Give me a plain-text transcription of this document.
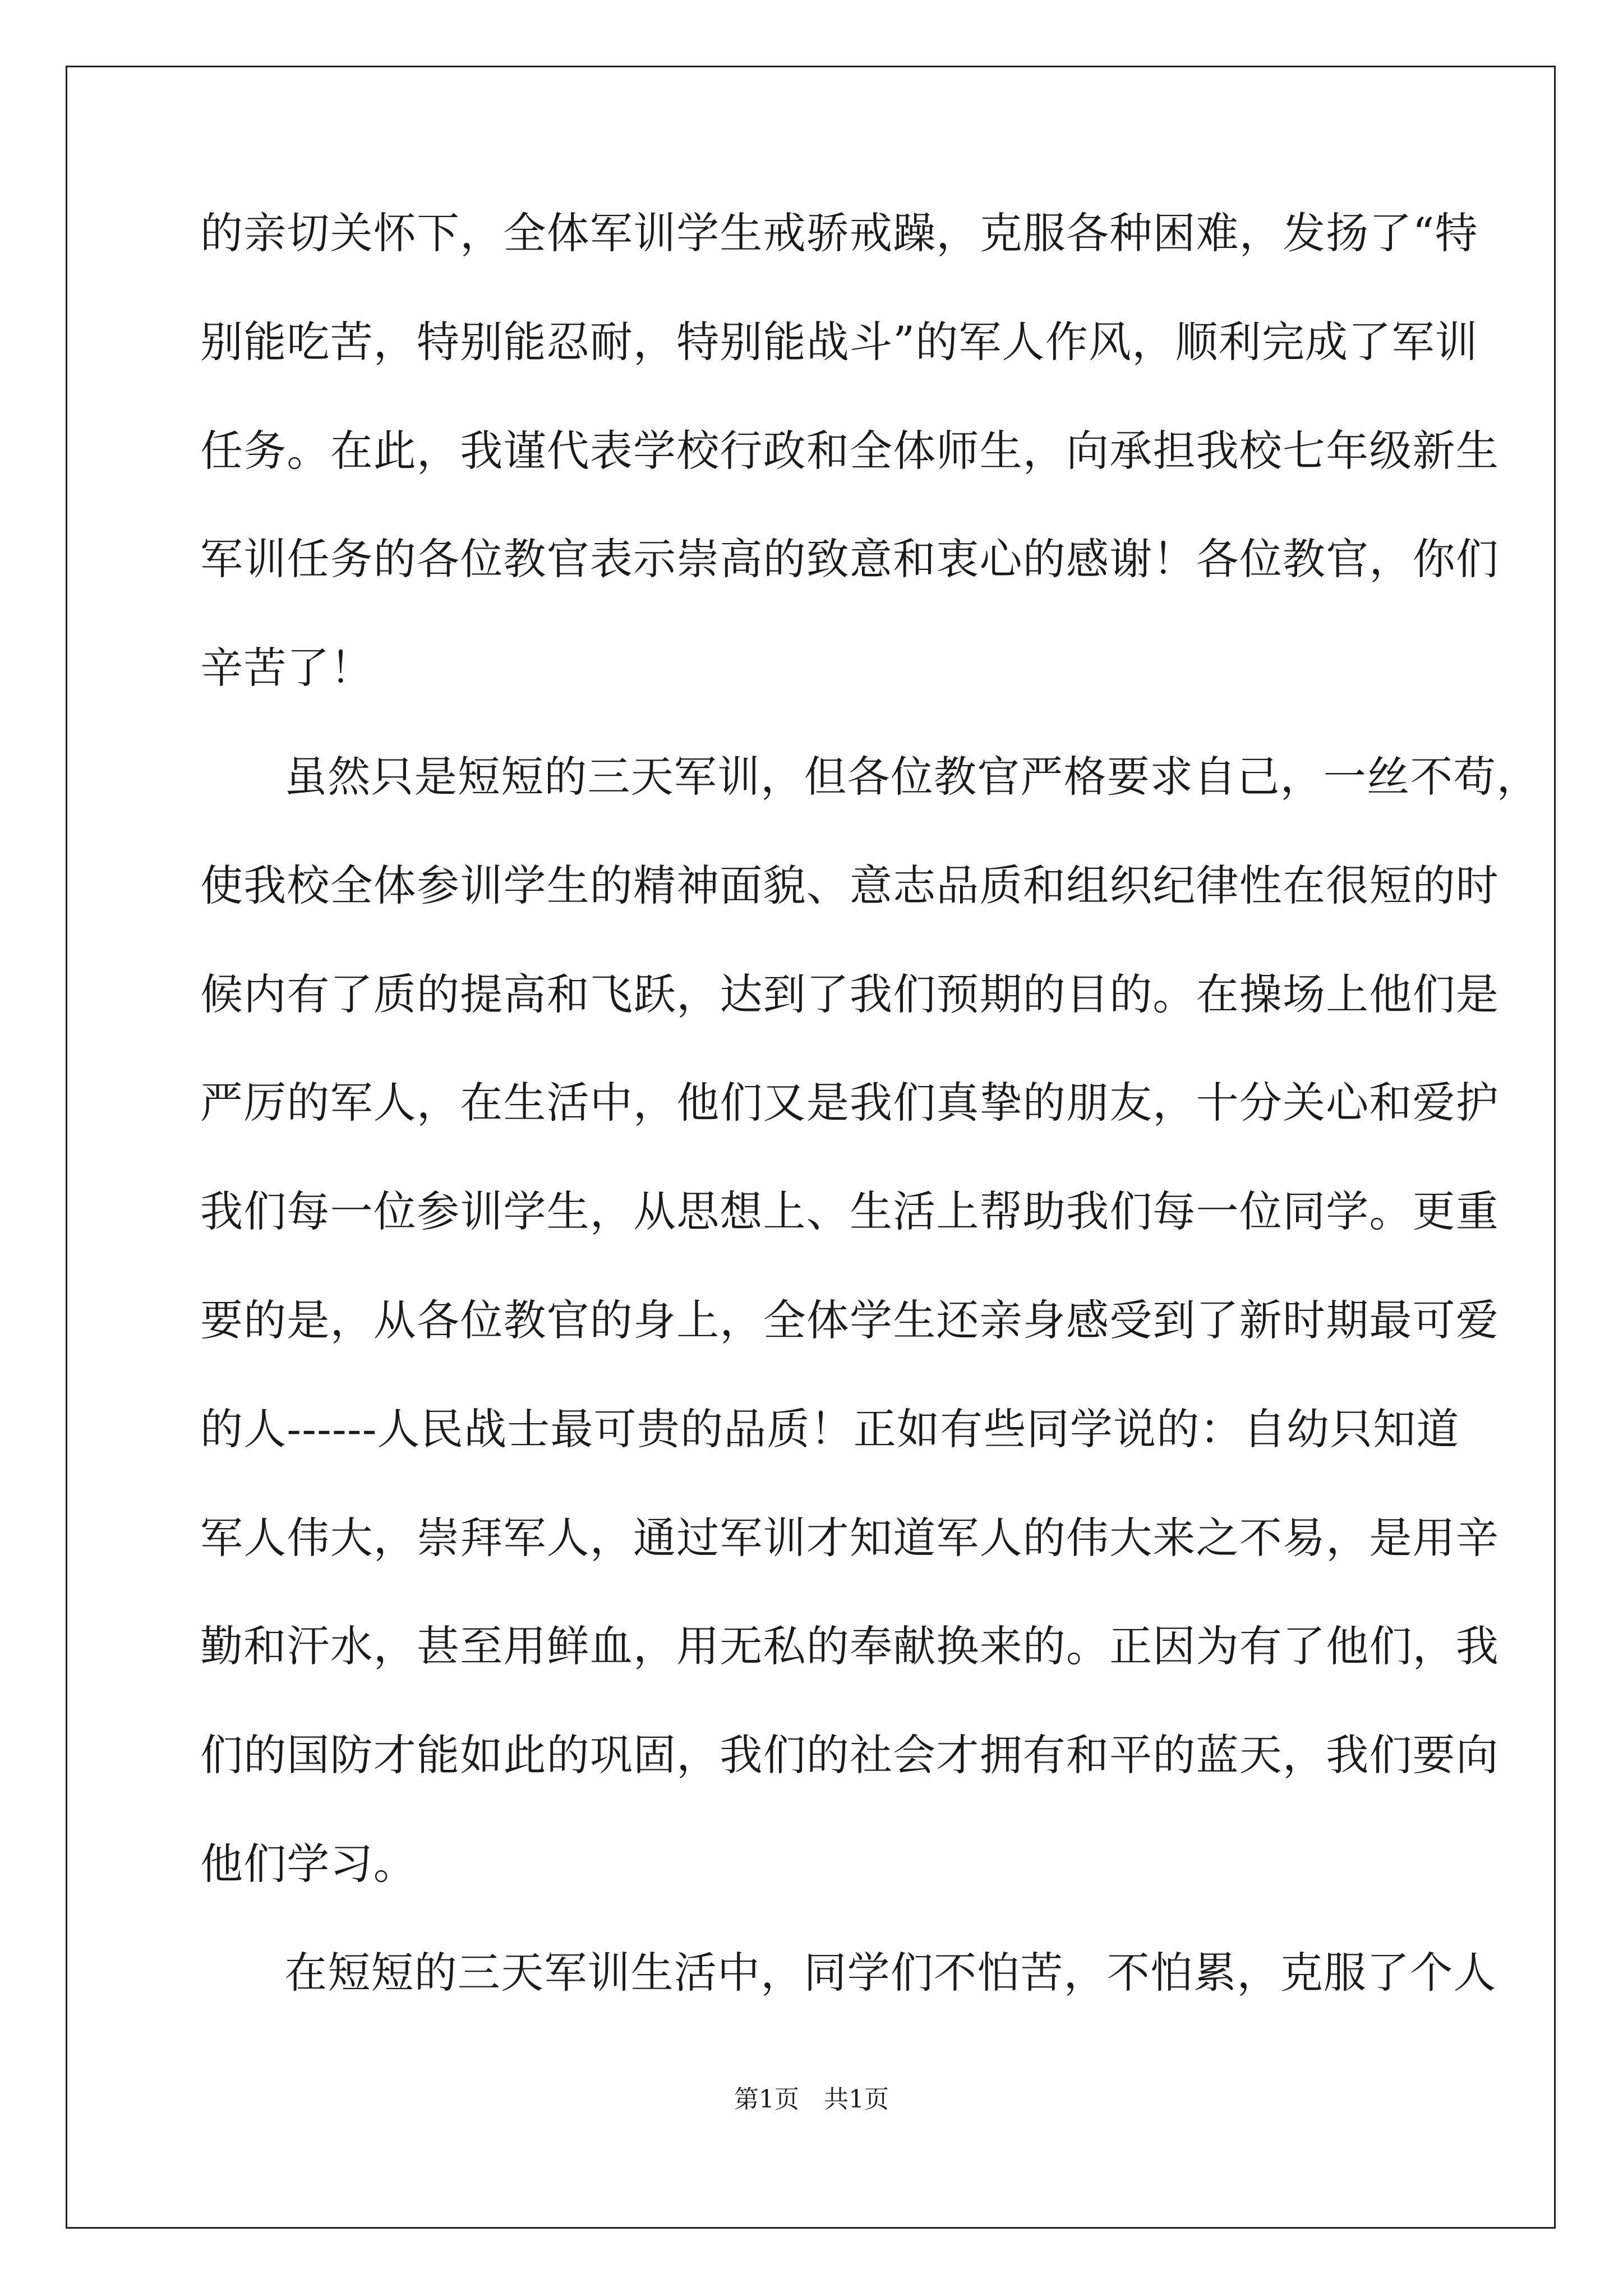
的亲切关怀下，全体军训学生戒骄戒躁，克服各种困难，发扬了“特
别能吃苦，特别能忍耐，特别能战斗”的军人作风，顺利完成了军训
任务。在此，我谨代表学校行政和全体师生，向承担我校七年级新生
军训任务的各位教官表示崇高的致意和衷心的感谢！各位教官，你们
辛苦了！
虽然只是短短的三天军训，但各位教官严格要求自己，一丝不苟，
使我校全体参训学生的精神面貌、意志品质和组织纪律性在很短的时
候内有了质的提高和飞跃，达到了我们预期的目的。在操场上他们是
严厉的军人，在生活中，他们又是我们真挚的朋友，十分关心和爱护
我们每一位参训学生，从思想上、生活上帮助我们每一位同学。更重
要的是，从各位教官的身上，全体学生还亲身感受到了新时期最可爱
的人------人民战士最可贵的品质！正如有些同学说的：自幼只知道
军人伟大，崇拜军人，通过军训才知道军人的伟大来之不易，是用辛
勤和汗水，甚至用鲜血，用无私的奉献换来的。正因为有了他们，我
们的国防才能如此的巩固，我们的社会才拥有和平的蓝天，我们要向
他们学习。
在短短的三天军训生活中，同学们不怕苦，不怕累，克服了个人
第1页　共1页
